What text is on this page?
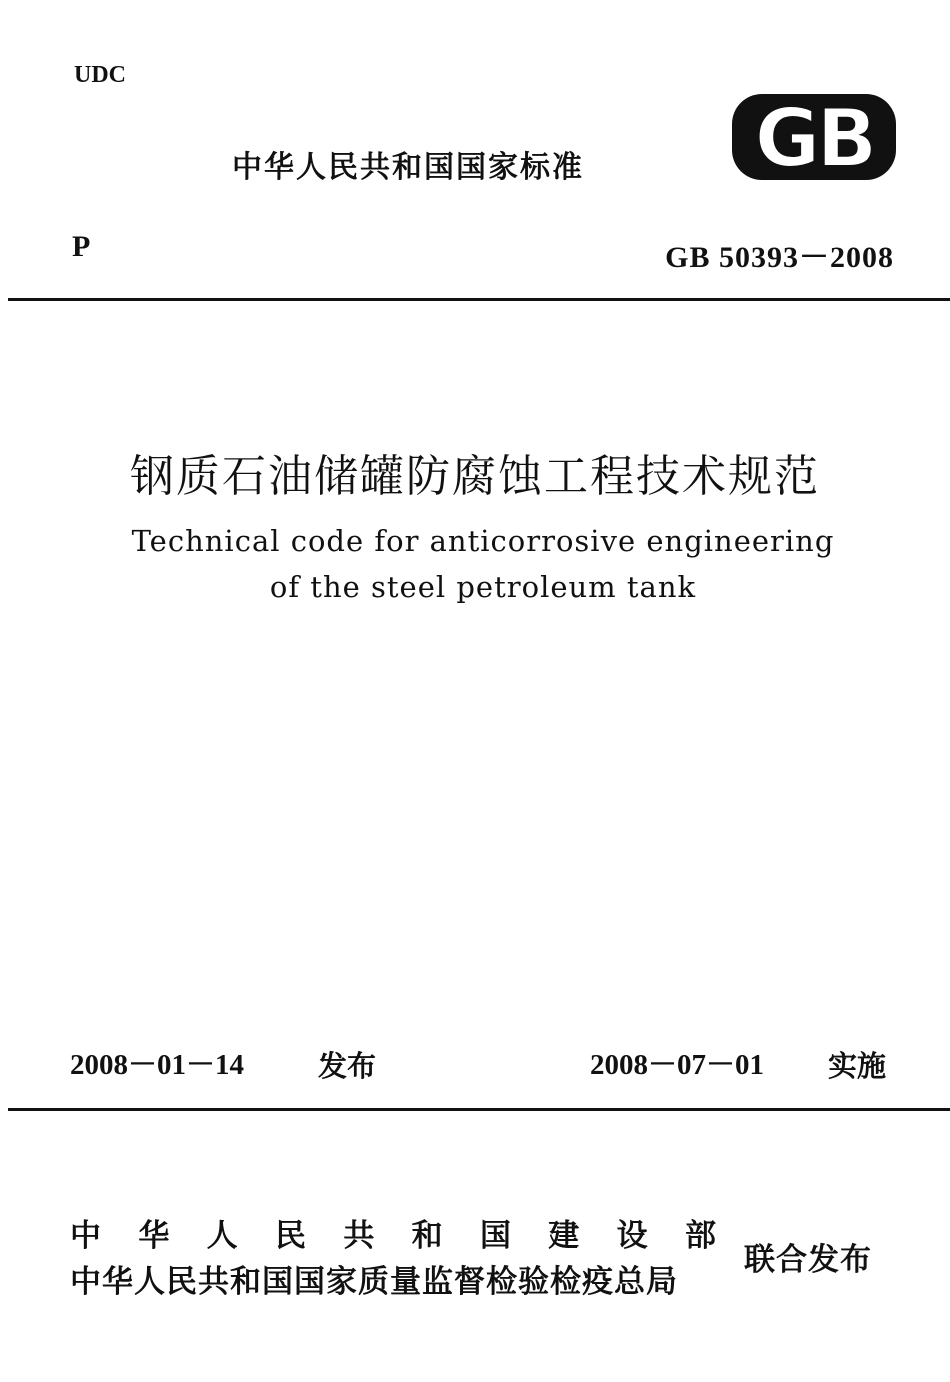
UDC
中华人民共和国国家标准 GB
P	GB 50393－2008
钢质石油储罐防腐蚀工程技术规范
Technical code for anticorrosive engineering
of the steel petroleum tank
2008－01－14	发布	2008－07－01 实施
中 华 人 民 共 和 国 建 设 部
中华人民共和国国家质量监督检验检疫总局
联合发布
